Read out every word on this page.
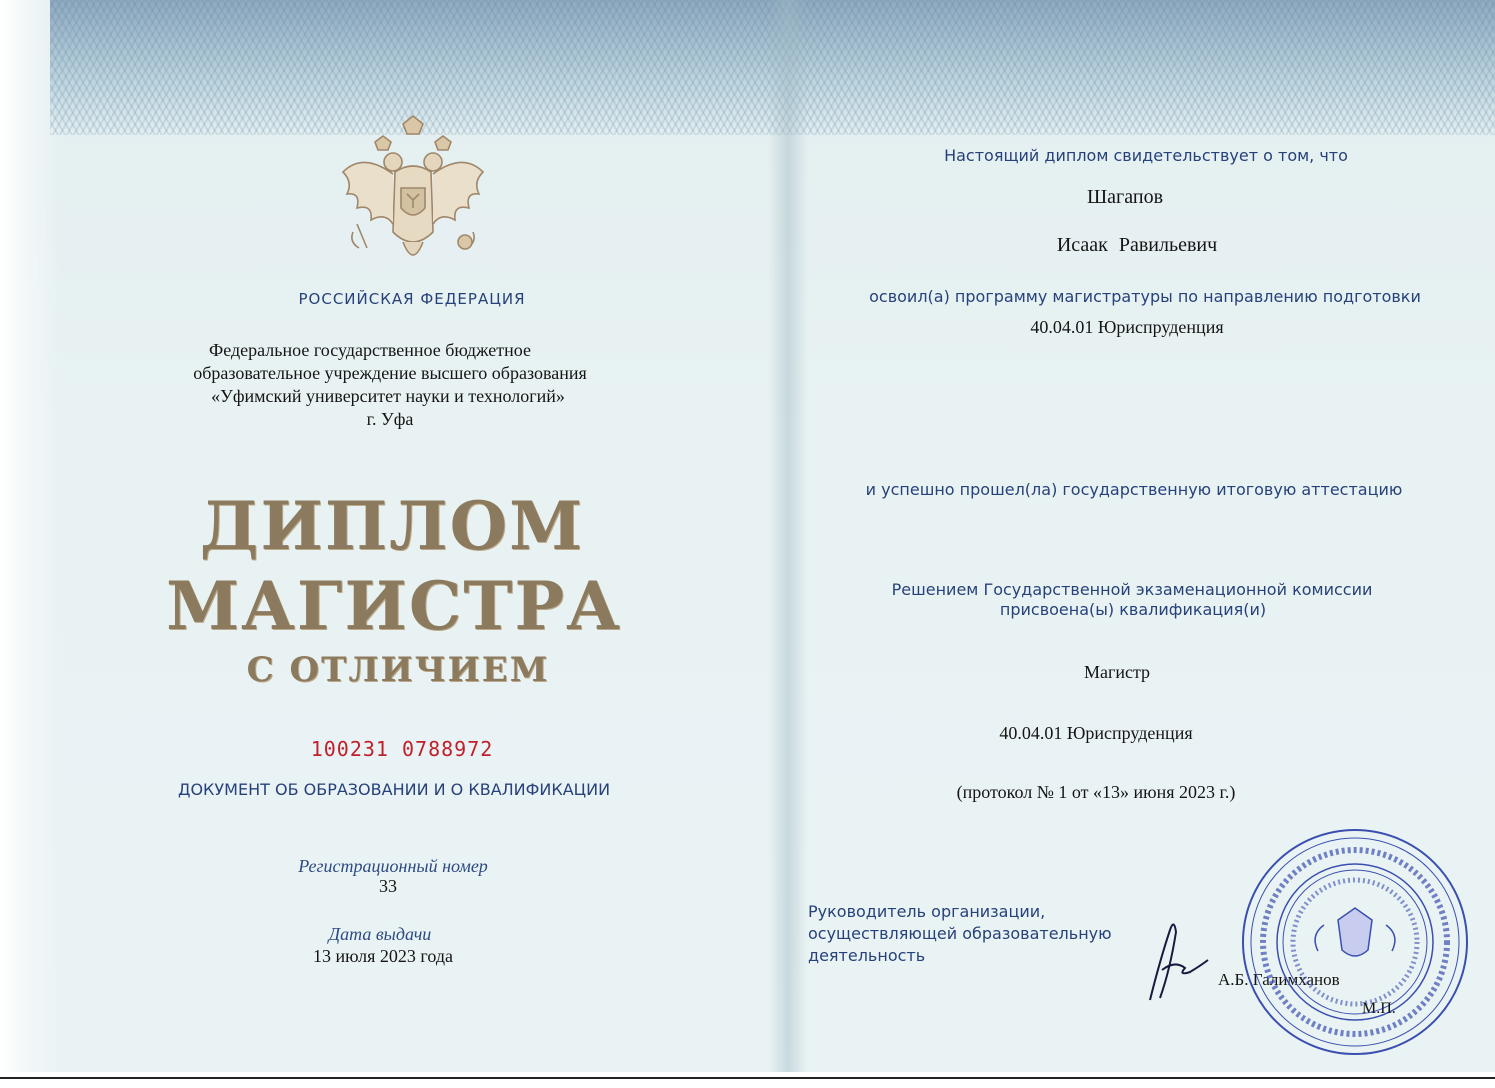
РОССИЙСКАЯ ФЕДЕРАЦИЯ
Федеральное государственное бюджетное
образовательное учреждение высшего образования
«Уфимский университет науки и технологий»
г. Уфа
ДИПЛОМ
МАГИСТРА
С ОТЛИЧИЕМ
100231 0788972
ДОКУМЕНТ ОБ ОБРАЗОВАНИИ И О КВАЛИФИКАЦИИ
Регистрационный номер
33
Дата выдачи
13 июля 2023 года
Настоящий диплом свидетельствует о том, что
Шагапов
Исаак Равильевич
освоил(а) программу магистратуры по направлению подготовки
40.04.01 Юриспруденция
и успешно прошел(ла) государственную итоговую аттестацию
Решением Государственной экзаменационной комиссии
присвоена(ы) квалификация(и)
Магистр
40.04.01 Юриспруденция
(протокол № 1 от «13» июня 2023 г.)
Руководитель организации,
осуществляющей образовательную
деятельность
А.Б. Галимханов
М.П.
